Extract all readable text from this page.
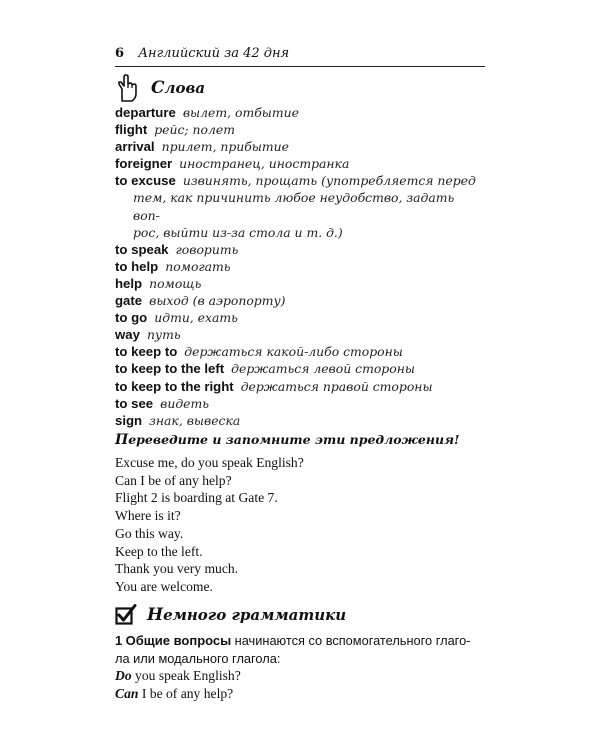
6 Английский за 42 дня
Слова
departure вылет, отбытие
flight рейс; полет
arrival прилет, прибытие
foreigner иностранец, иностранка
to excuse извинять, прощать (употребляется перед
тем, как причинить любое неудобство, задать воп-
рос, выйти из-за стола и т. д.)
to speak говорить
to help помогать
help помощь
gate выход (в аэропорту)
to go идти, ехать
way путь
to keep to держаться какой-либо стороны
to keep to the left держаться левой стороны
to keep to the right держаться правой стороны
to see видеть
sign знак, вывеска
Переведите и запомните эти предложения!
Excuse me, do you speak English?
Can I be of any help?
Flight 2 is boarding at Gate 7.
Where is it?
Go this way.
Keep to the left.
Thank you very much.
You are welcome.
Немного грамматики
1 Общие вопросы начинаются со вспомогательного глаго-
ла или модального глагола:
Do you speak English?
Can I be of any help?
